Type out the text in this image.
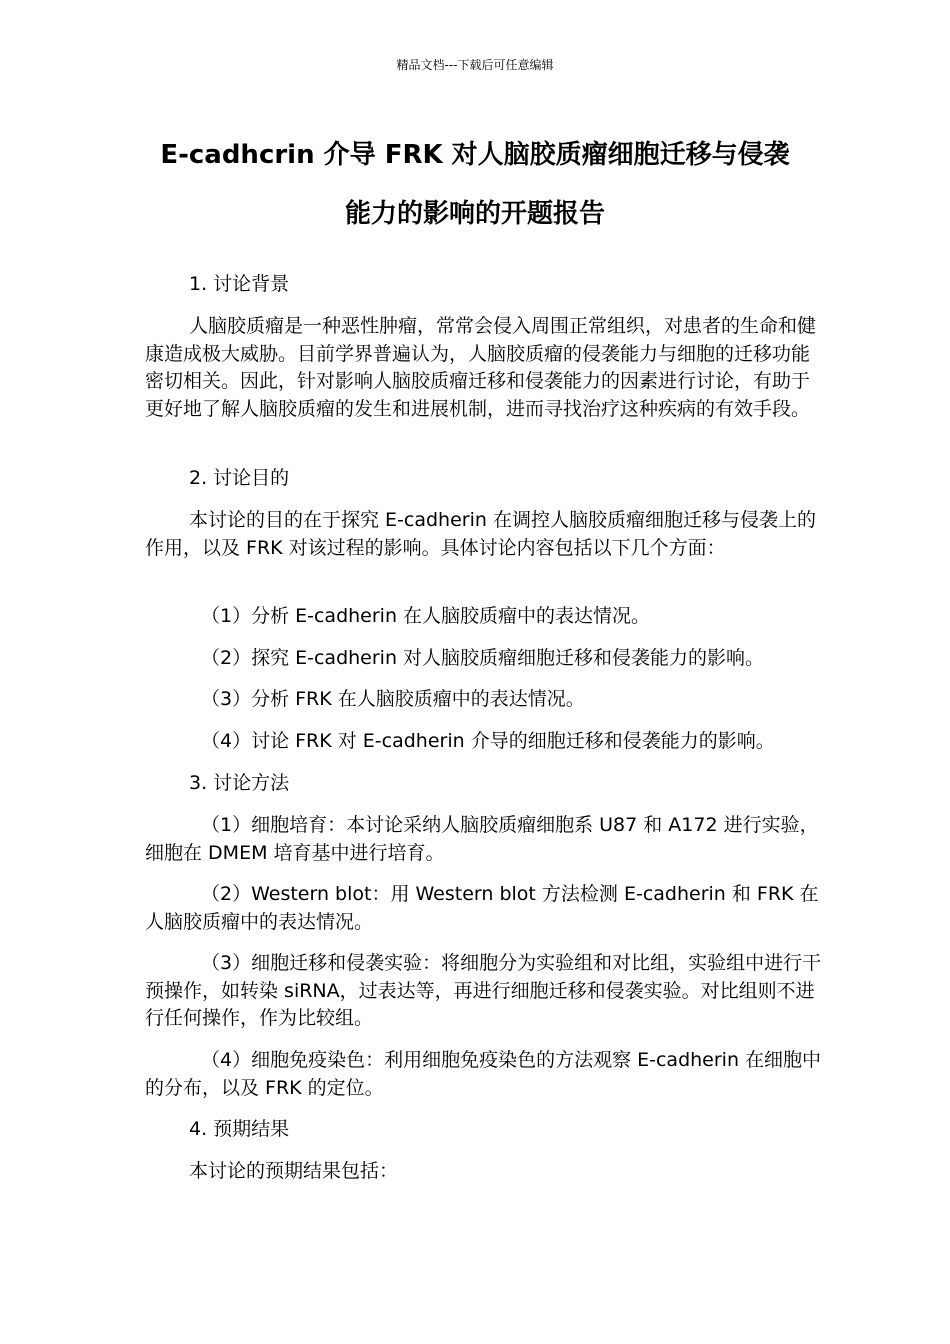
精品文档---下载后可任意编辑
E-cadhcrin 介导 FRK 对人脑胶质瘤细胞迁移与侵袭
能力的影响的开题报告

1. 讨论背景

人脑胶质瘤是一种恶性肿瘤，常常会侵入周围正常组织，对患者的生命和健康造成极大威胁。目前学界普遍认为，人脑胶质瘤的侵袭能力与细胞的迁移功能密切相关。因此，针对影响人脑胶质瘤迁移和侵袭能力的因素进行讨论，有助于更好地了解人脑胶质瘤的发生和进展机制，进而寻找治疗这种疾病的有效手段。

2. 讨论目的

本讨论的目的在于探究 E-cadherin 在调控人脑胶质瘤细胞迁移与侵袭上的作用，以及 FRK 对该过程的影响。具体讨论内容包括以下几个方面：

（1）分析 E-cadherin 在人脑胶质瘤中的表达情况。

（2）探究 E-cadherin 对人脑胶质瘤细胞迁移和侵袭能力的影响。

（3）分析 FRK 在人脑胶质瘤中的表达情况。

（4）讨论 FRK 对 E-cadherin 介导的细胞迁移和侵袭能力的影响。

3. 讨论方法

（1）细胞培育：本讨论采纳人脑胶质瘤细胞系 U87 和 A172 进行实验，细胞在 DMEM 培育基中进行培育。

（2）Western blot：用 Western blot 方法检测 E-cadherin 和 FRK 在人脑胶质瘤中的表达情况。

（3）细胞迁移和侵袭实验：将细胞分为实验组和对比组，实验组中进行干预操作，如转染 siRNA，过表达等，再进行细胞迁移和侵袭实验。对比组则不进行任何操作，作为比较组。

（4）细胞免疫染色：利用细胞免疫染色的方法观察 E-cadherin 在细胞中的分布，以及 FRK 的定位。

4. 预期结果

本讨论的预期结果包括：
